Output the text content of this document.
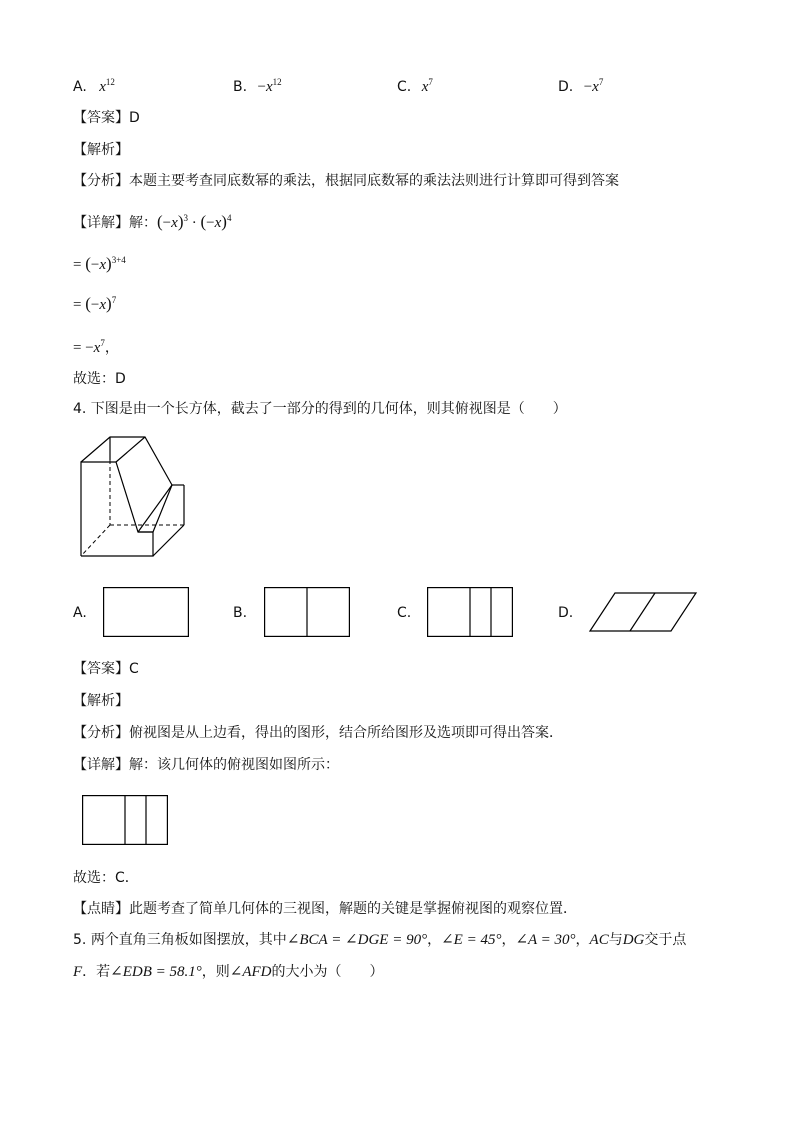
A. $x^{12}$	B. $-x^{12}$	C. $x^7$	D. $-x^7$
【答案】D
【解析】
【分析】本题主要考查同底数幂的乘法，根据同底数幂的乘法法则进行计算即可得到答案
【详解】解：$(-x)^3 \cdot (-x)^4$
= $(-x)^{3+4}$
= $(-x)^7$
= $-x^7$，
故选：D
4. 下图是由一个长方体，截去了一部分的得到的几何体，则其俯视图是（　　）
A.	B.	C.	D.
【答案】C
【解析】
【分析】俯视图是从上边看，得出的图形，结合所给图形及选项即可得出答案．
【详解】解：该几何体的俯视图如图所示：
故选：C．
【点睛】此题考查了简单几何体的三视图，解题的关键是掌握俯视图的观察位置．
5. 两个直角三角板如图摆放，其中∠BCA = ∠DGE = 90°，∠E = 45°，∠A = 30°，AC与DG交于点
F．若∠EDB = 58.1°，则∠AFD的大小为（　　）
